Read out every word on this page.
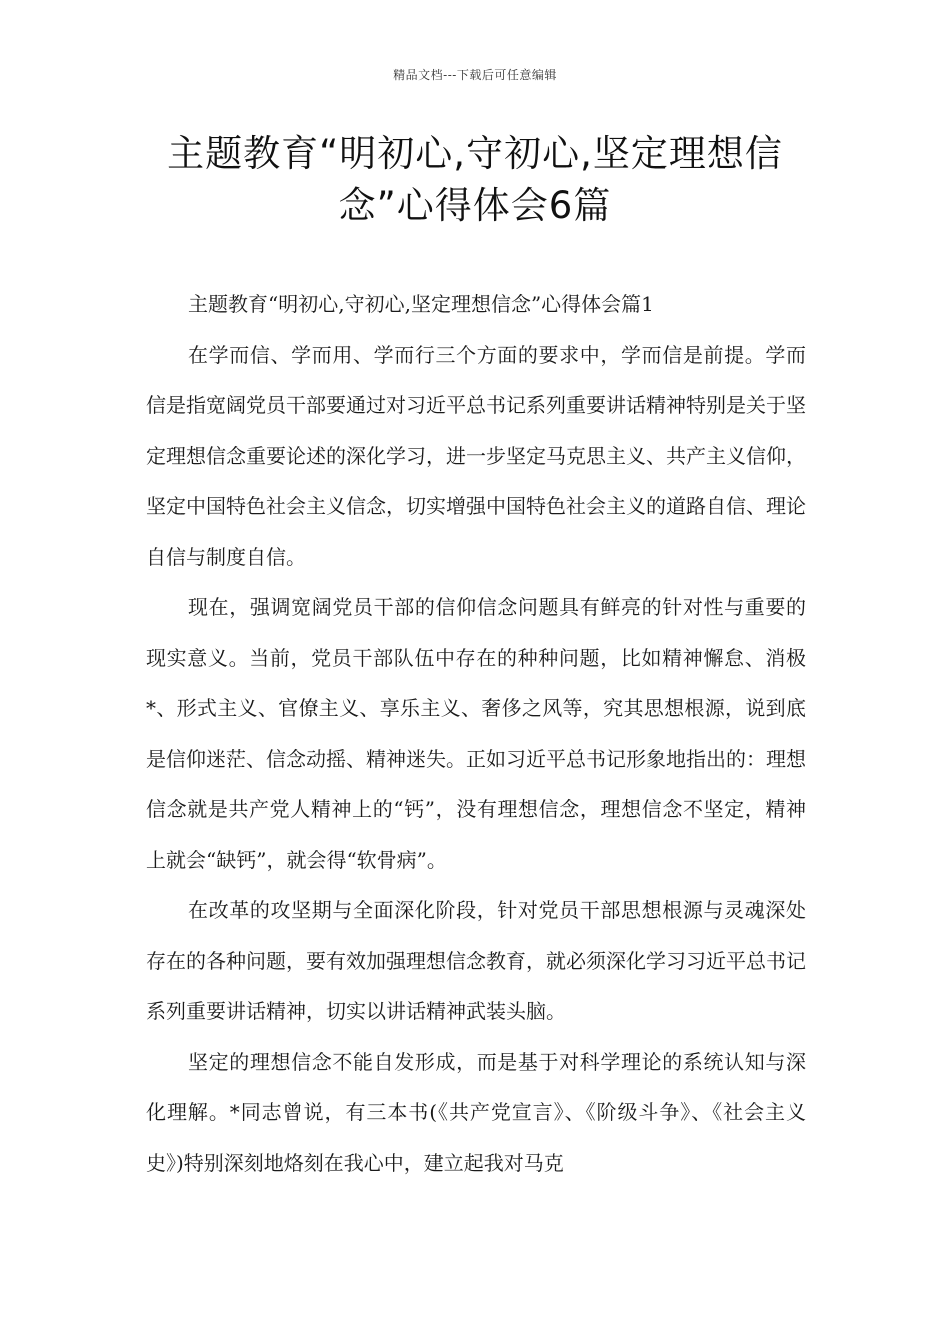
精品文档---下载后可任意编辑
主题教育“明初心,守初心,坚定理想信
念”心得体会6篇

主题教育“明初心,守初心,坚定理想信念”心得体会篇1

在学而信、学而用、学而行三个方面的要求中，学而信是前提。学而信是指宽阔党员干部要通过对习近平总书记系列重要讲话精神特别是关于坚定理想信念重要论述的深化学习，进一步坚定马克思主义、共产主义信仰，坚定中国特色社会主义信念，切实增强中国特色社会主义的道路自信、理论自信与制度自信。

现在，强调宽阔党员干部的信仰信念问题具有鲜亮的针对性与重要的现实意义。当前，党员干部队伍中存在的种种问题，比如精神懈怠、消极*、形式主义、官僚主义、享乐主义、奢侈之风等，究其思想根源，说到底是信仰迷茫、信念动摇、精神迷失。正如习近平总书记形象地指出的：理想信念就是共产党人精神上的“钙”，没有理想信念，理想信念不坚定，精神上就会“缺钙”，就会得“软骨病”。

在改革的攻坚期与全面深化阶段，针对党员干部思想根源与灵魂深处存在的各种问题，要有效加强理想信念教育，就必须深化学习习近平总书记系列重要讲话精神，切实以讲话精神武装头脑。

坚定的理想信念不能自发形成，而是基于对科学理论的系统认知与深化理解。*同志曾说，有三本书(《共产党宣言》、《阶级斗争》、《社会主义史》)特别深刻地烙刻在我心中，建立起我对马克
